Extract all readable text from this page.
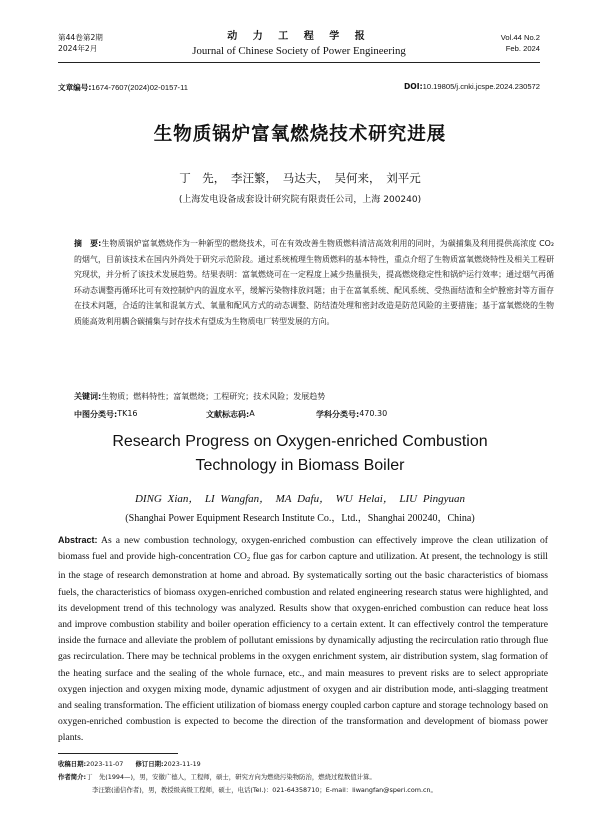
第44卷第2期
2024年2月
动 力 工 程 学 报
Journal of Chinese Society of Power Engineering
Vol.44 No.2
Feb. 2024
文章编号:1674-7607(2024)02-0157-11	DOI:10.19805/j.cnki.jcspe.2024.230572
生物质锅炉富氧燃烧技术研究进展
丁　先，　李汪繁，　马达夫，　吴何来，　刘平元
(上海发电设备成套设计研究院有限责任公司，上海 200240)
摘　要:生物质锅炉富氧燃烧作为一种新型的燃烧技术，可在有效改善生物质燃料清洁高效利用的同时，为碳捕集及利用提供高浓度 CO₂ 的烟气，目前该技术在国内外尚处于研究示范阶段。通过系统梳理生物质燃料的基本特性，重点介绍了生物质富氧燃烧特性及相关工程研究现状，并分析了该技术发展趋势。结果表明：富氧燃烧可在一定程度上减少热量损失，提高燃烧稳定性和锅炉运行效率；通过烟气再循环动态调整再循环比可有效控制炉内的温度水平，缓解污染物排放问题；由于在富氧系统、配风系统、受热面结渣和全炉膛密封等方面存在技术问题，合适的注氧和混氧方式、氧量和配风方式的动态调整、防结渣处理和密封改造是防范风险的主要措施；基于富氧燃烧的生物质能高效利用耦合碳捕集与封存技术有望成为生物质电厂转型发展的方向。
关键词:生物质；燃料特性；富氧燃烧；工程研究；技术风险；发展趋势
中图分类号: TK16	文献标志码: A	学科分类号: 470.30
Research Progress on Oxygen-enriched Combustion
Technology in Biomass Boiler
DING Xian，　LI Wangfan，　MA Dafu，　WU Helai，　LIU Pingyuan
(Shanghai Power Equipment Research Institute Co.，Ltd.，Shanghai 200240，China)
Abstract: As a new combustion technology, oxygen-enriched combustion can effectively improve the clean utilization of biomass fuel and provide high-concentration $CO_2$ flue gas for carbon capture and utilization. At present, the technology is still in the stage of research demonstration at home and abroad. By systematically sorting out the basic characteristics of biomass fuels, the characteristics of biomass oxygen-enriched combustion and related engineering research status were highlighted, and its development trend of this technology was analyzed. Results show that oxygen-enriched combustion can reduce heat loss and improve combustion stability and boiler operation efficiency to a certain extent. It can effectively control the temperature inside the furnace and alleviate the problem of pollutant emissions by dynamically adjusting the recirculation ratio through flue gas recirculation. There may be technical problems in the oxygen enrichment system, air distribution system, slag formation of the heating surface and the sealing of the whole furnace, etc., and main measures to prevent risks are to select appropriate oxygen injection and oxygen mixing mode, dynamic adjustment of oxygen and air distribution mode, anti-slagging treatment and sealing transformation. The efficient utilization of biomass energy coupled carbon capture and storage technology based on oxygen-enriched combustion is expected to become the direction of the transformation and development of biomass power plants.
收稿日期:2023-11-07 修订日期:2023-11-19
作者简介:丁　先(1994—)，男，安徽广德人，工程师，硕士，研究方向为燃烧污染物防治，燃烧过程数值计算。
李汪繁(通信作者)，男，教授级高级工程师，硕士，电话(Tel.)：021-64358710；E-mail：liwangfan@speri.com.cn。
